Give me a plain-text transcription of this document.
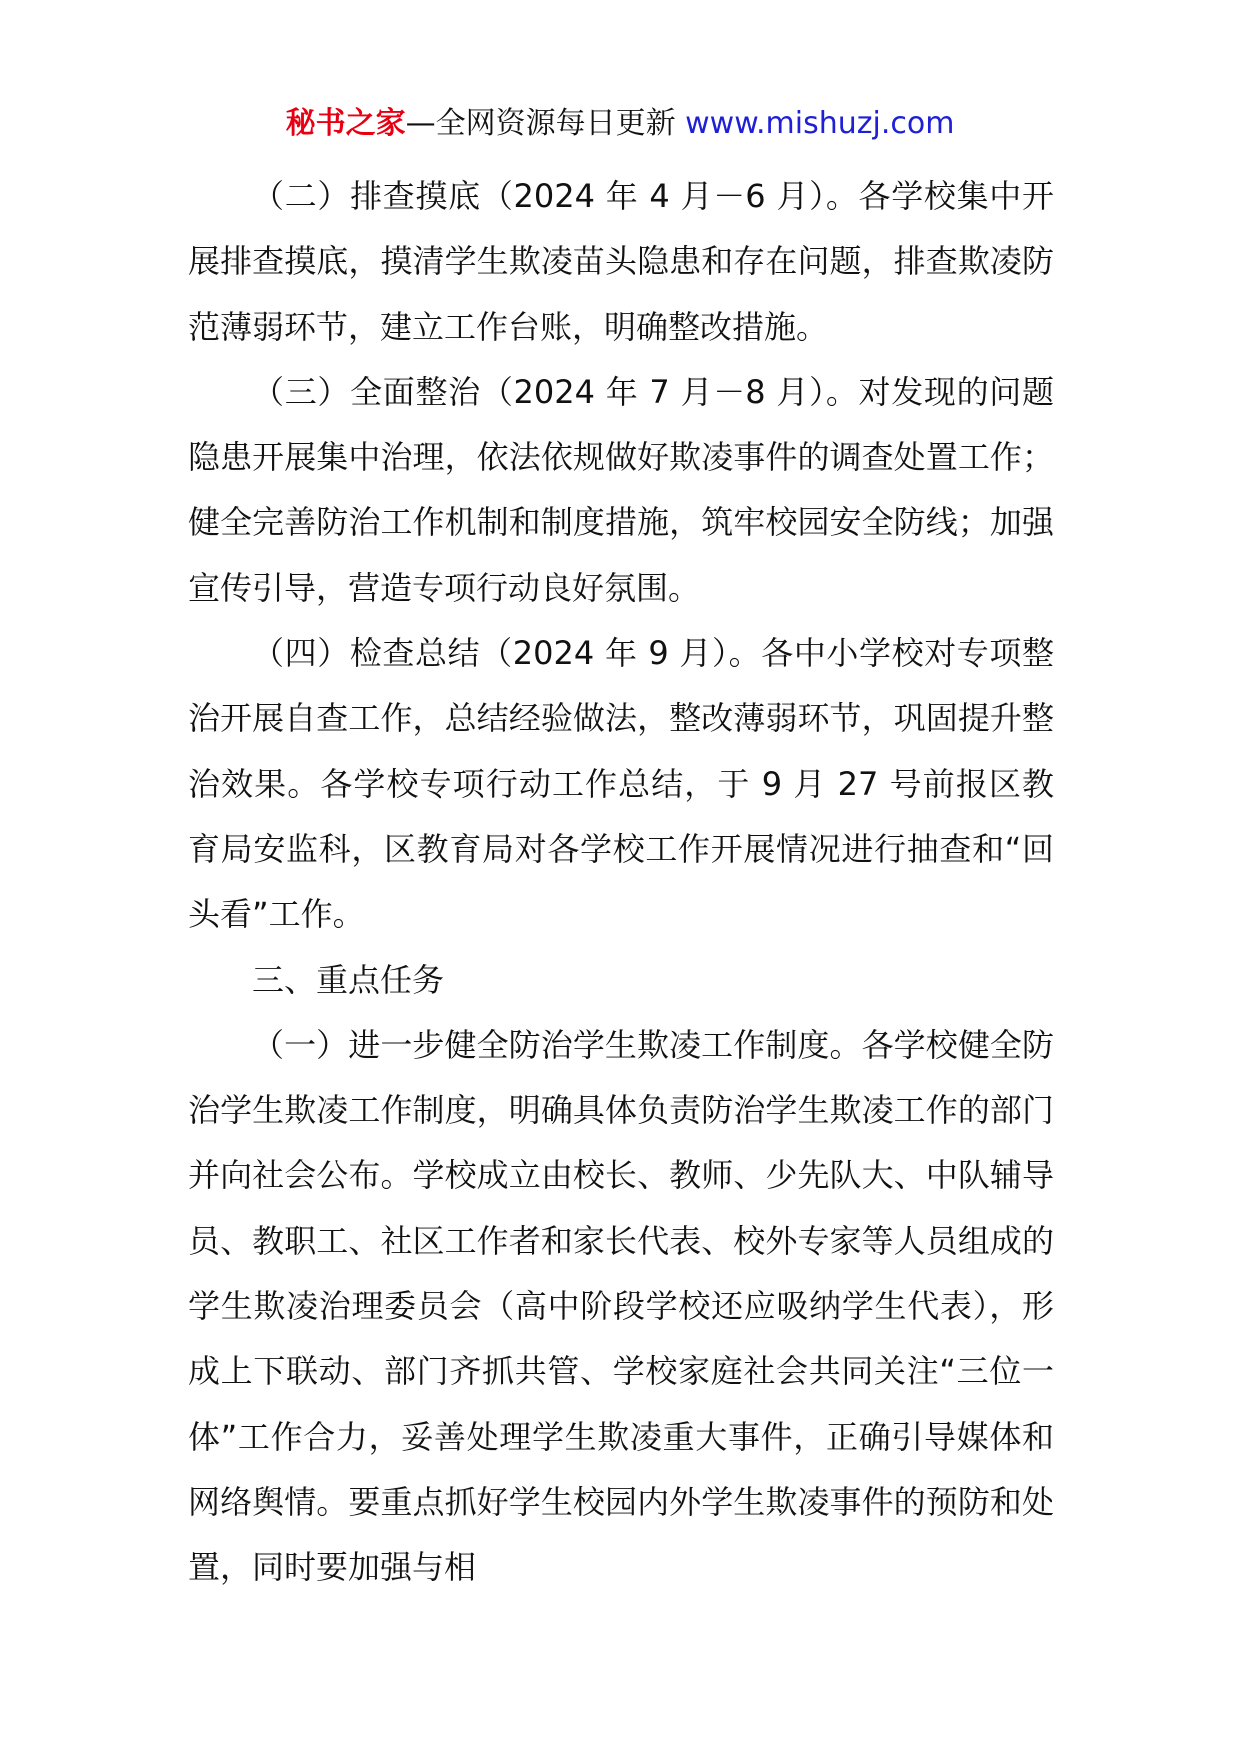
秘书之家—全网资源每日更新 www.mishuzj.com

（二）排查摸底（2024 年 4 月－6 月）。各学校集中开展排查摸底，摸清学生欺凌苗头隐患和存在问题，排查欺凌防范薄弱环节，建立工作台账，明确整改措施。

（三）全面整治（2024 年 7 月－8 月）。对发现的问题隐患开展集中治理，依法依规做好欺凌事件的调查处置工作；健全完善防治工作机制和制度措施，筑牢校园安全防线；加强宣传引导，营造专项行动良好氛围。

（四）检查总结（2024 年 9 月）。各中小学校对专项整治开展自查工作，总结经验做法，整改薄弱环节，巩固提升整治效果。各学校专项行动工作总结，于 9 月 27 号前报区教育局安监科，区教育局对各学校工作开展情况进行抽查和“回头看”工作。

三、重点任务

（一）进一步健全防治学生欺凌工作制度。各学校健全防治学生欺凌工作制度，明确具体负责防治学生欺凌工作的部门并向社会公布。学校成立由校长、教师、少先队大、中队辅导员、教职工、社区工作者和家长代表、校外专家等人员组成的学生欺凌治理委员会（高中阶段学校还应吸纳学生代表），形成上下联动、部门齐抓共管、学校家庭社会共同关注“三位一体”工作合力，妥善处理学生欺凌重大事件，正确引导媒体和网络舆情。要重点抓好学生校园内外学生欺凌事件的预防和处置，同时要加强与相
